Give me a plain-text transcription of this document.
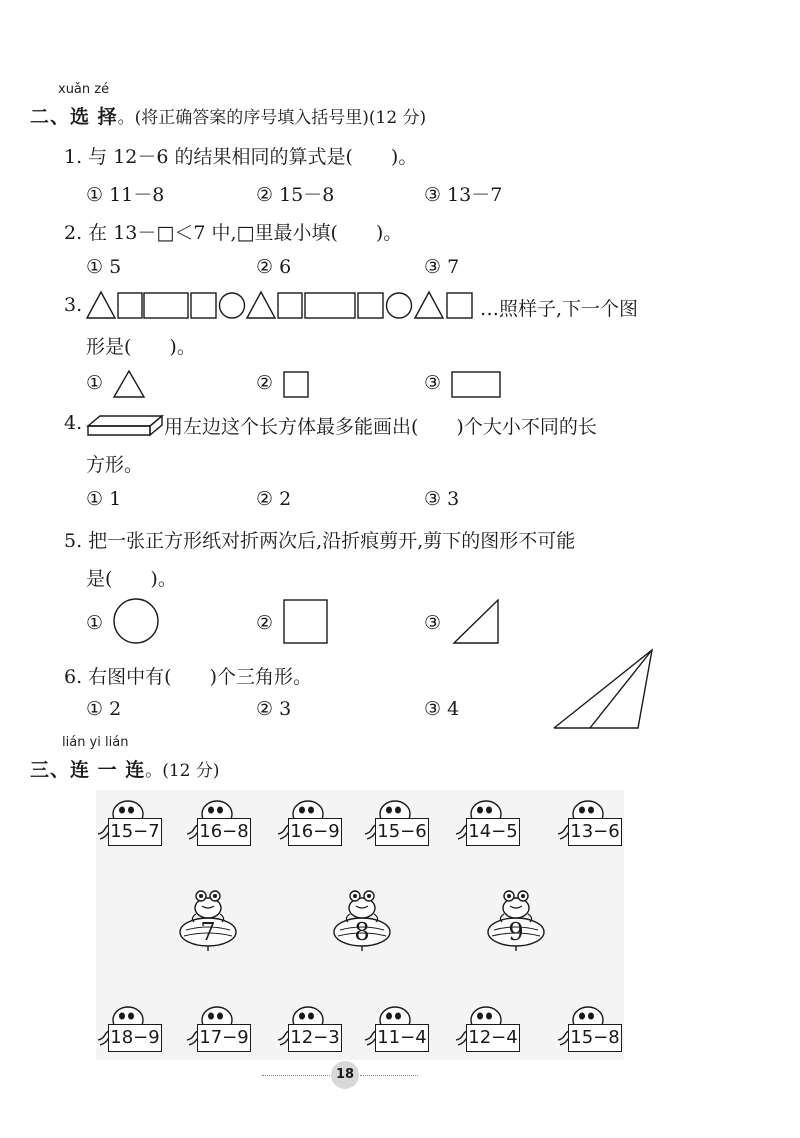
xuǎn zé
二、选 择。(将正确答案的序号填入括号里)(12 分)
1. 与 12－6 的结果相同的算式是(　　)。
① 11－8	② 15－8	③ 13－7
2. 在 13－□＜7 中,□里最小填(　　)。
① 5	② 6	③ 7
3.	…照样子,下一个图
形是(　　)。
①	②	③
4.	用左边这个长方体最多能画出(　　)个大小不同的长
方形。
① 1	② 2	③ 3
5. 把一张正方形纸对折两次后,沿折痕剪开,剪下的图形不可能
是(　　)。
①	②	③
6. 右图中有(　　)个三角形。
① 2	② 3	③ 4
lián yi lián
三、连 一 连。(12 分)
15−7 16−8 16−9 15−6 14−5	13−6
7	8	9
18−9 17−9 12−3 11−4 12−4	15−8
18
